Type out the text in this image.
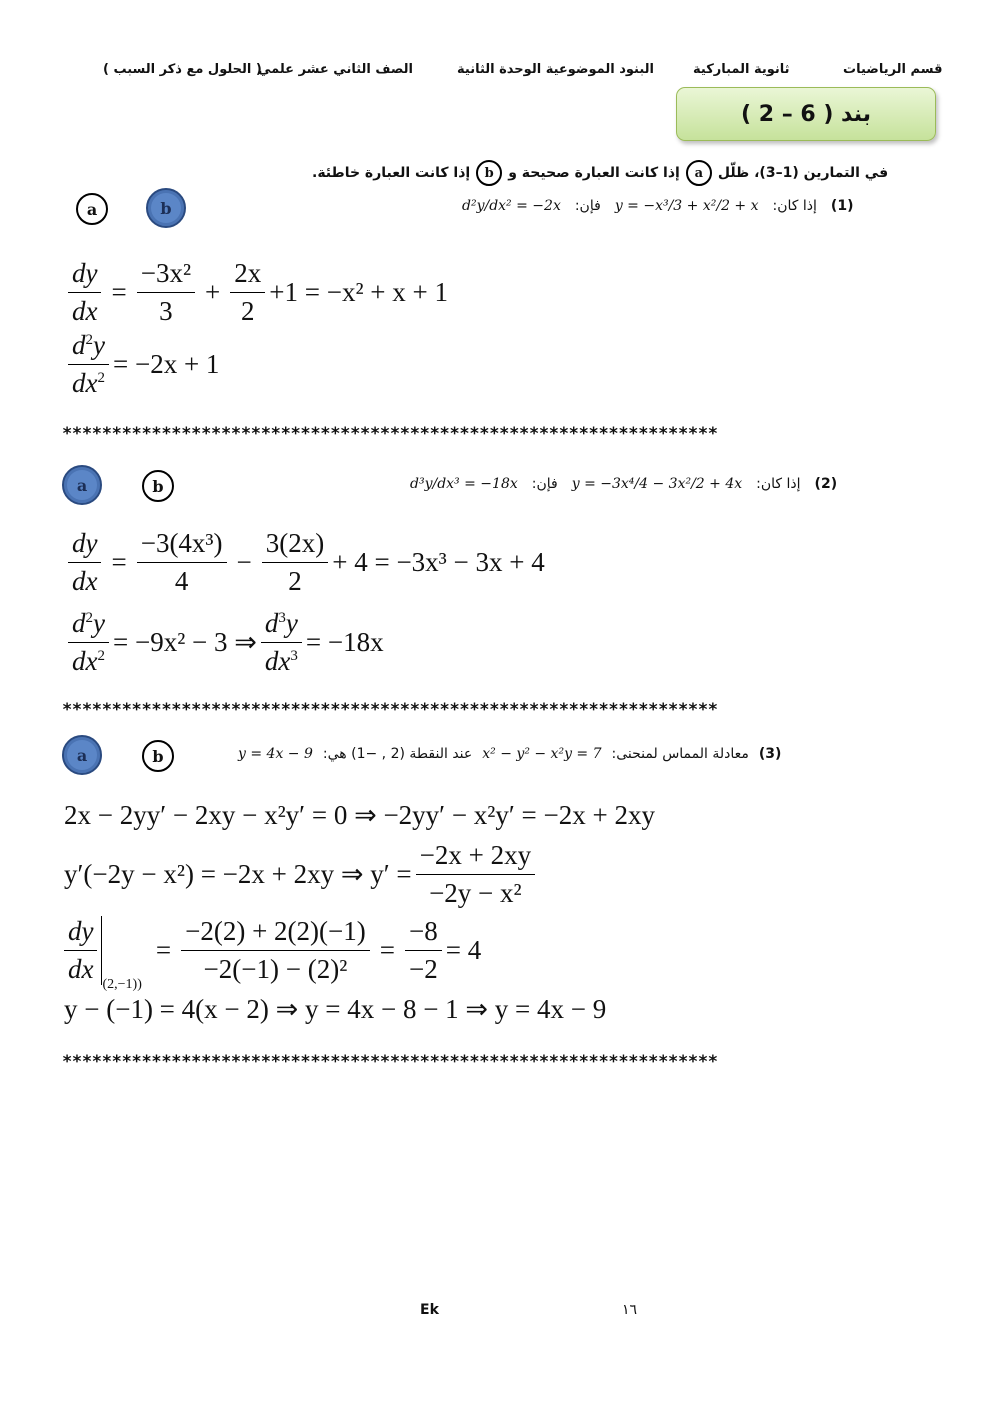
قسم الرياضيات
ثانوية المباركية
البنود الموضوعية الوحدة الثانية
الصف الثاني عشر علمي
( الحلول مع ذكر السبب )
بند ( 6 – 2 )
في التمارين (1–3)، ظلّل
a
إذا كانت العبارة صحيحة و
b
إذا كانت العبارة خاطئة.
a	b	(1)
إذا كان:
y = −x³/3 + x²/2 + x
فإن:
d²y/dx² = −2x
$\frac{dy}{dx} = \frac{\text{−3x²}}{3} + \frac{2x}{2} +1 = -x^2 + x + 1$
$\frac{d^2y}{dx^2} = -2x + 1$
******************************************************************
a	b	(2)
إذا كان:
y = −3x⁴/4 − 3x²/2 + 4x
فإن:
d³y/dx³ = −18x
$\frac{dy}{dx} = \frac{\text{−3(4x³)}}{4} - \frac{3(2x)}{2} + 4 = -3x^3 - 3x + 4$
$\frac{d^2y}{dx^2} = -9x^2 - 3$ ⇒ $\frac{d^3y}{dx^3} = -18x$
******************************************************************
a	b	(3)
معادلة المماس لمنحنى:
x² − y² − x²y = 7
عند النقطة (2 , −1) هي:
y = 4x − 9
2x − 2yy′ − 2xy − x²y′ = 0 ⇒ −2yy′ − x²y′ = −2x + 2xy
y′(−2y − x²) = −2x + 2xy ⇒ $y' = \frac{-2x + 2xy}{\text{−2y − x²}}$
$\frac{dy}{dx} (2,-1)$)
= $\frac{-2(2) + 2(2)(-1)}{\text{−2(−1) − (2)²}} = \frac{-8}{-2} = 4$
y − (−1) = 4(x − 2) ⇒ y = 4x − 8 − 1 ⇒ y = 4x − 9
******************************************************************
Ek	١٦
